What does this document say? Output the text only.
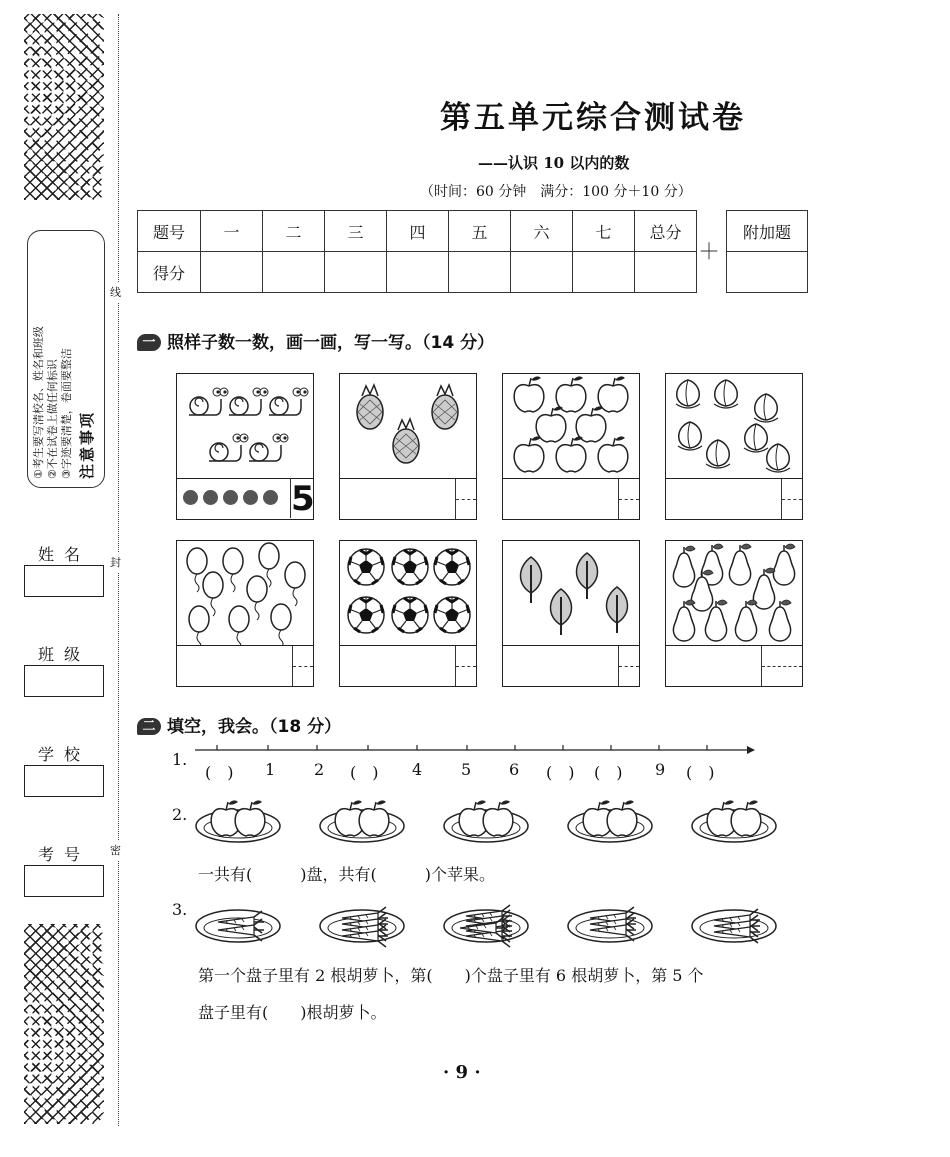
线
封
密
注意事项
①考生要写清校名、姓名和班级 ②不在试卷上做任何标识 ③字迹要清楚，卷面要整洁
姓名
班级
学校
考号
第五单元综合测试卷
——认识 10 以内的数
（时间：60 分钟　满分：100 分＋10 分）
题号	一	二	三	四	五	六	七	总分
得分								
＋
附加题

一 照样子数一数，画一画，写一写。（14 分）
5
二 填空，我会。（18 分）
1.
(　) 1 2 (　) 4 5 6 (　) (　) 9 (　)
2.
一共有(　　　)盘，共有(　　　)个苹果。
3.
第一个盘子里有 2 根胡萝卜，第(　　)个盘子里有 6 根胡萝卜，第 5 个
盘子里有(　　)根胡萝卜。
· 9 ·
